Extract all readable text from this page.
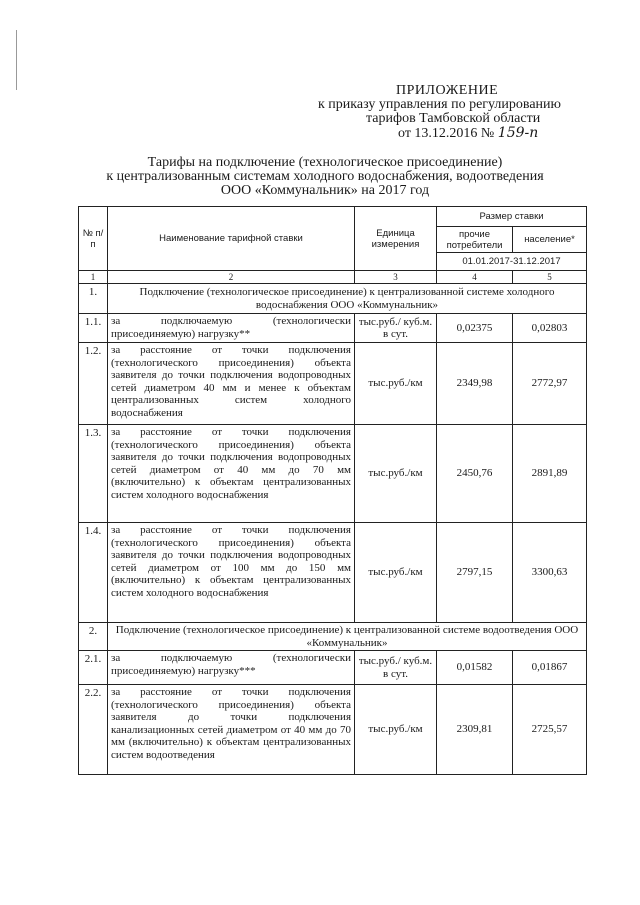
ПРИЛОЖЕНИЕ
к приказу управления по регулированию
тарифов Тамбовской области
от 13.12.2016 № 159-п
Тарифы на подключение (технологическое присоединение)
к централизованным системам холодного водоснабжения, водоотведения
ООО «Коммунальник» на 2017 год
№ п/п	Наименование тарифной ставки	Единица измерения	Размер ставки	
			прочие потребители	население*
			01.01.2017-31.12.2017	
1	2	3	4	5
1.	Подключение (технологическое присоединение) к централизованной системе холодного водоснабжения ООО «Коммунальник»			
1.1.	за подключаемую (технологически присоединяемую) нагрузку**	тыс.руб./ куб.м. в сут.	0,02375	0,02803
1.2.	за расстояние от точки подключения (технологического присоединения) объекта заявителя до точки подключения водопроводных сетей диаметром 40 мм и менее к объектам централизованных систем холодного водоснабжения	тыс.руб./км	2349,98	2772,97
1.3.	за расстояние от точки подключения (технологического присоединения) объекта заявителя до точки подключения водопроводных сетей диаметром от 40 мм до 70 мм (включительно) к объектам централизованных систем холодного водоснабжения	тыс.руб./км	2450,76	2891,89
1.4.	за расстояние от точки подключения (технологического присоединения) объекта заявителя до точки подключения водопроводных сетей диаметром от 100 мм до 150 мм (включительно) к объектам централизованных систем холодного водоснабжения	тыс.руб./км	2797,15	3300,63
2.	Подключение (технологическое присоединение) к централизованной системе водоотведения ООО «Коммунальник»			
2.1.	за подключаемую (технологически присоединяемую) нагрузку***	тыс.руб./ куб.м. в сут.	0,01582	0,01867
2.2.	за расстояние от точки подключения (технологического присоединения) объекта заявителя до точки подключения канализационных сетей диаметром от 40 мм до 70 мм (включительно) к объектам централизованных систем водоотведения	тыс.руб./км	2309,81	2725,57
